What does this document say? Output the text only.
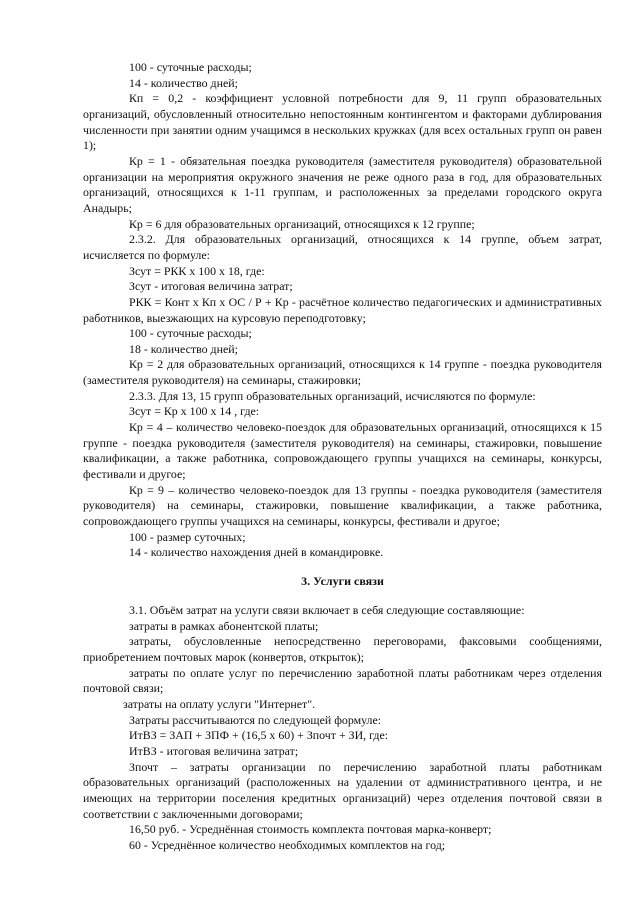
100 - суточные расходы;

14 - количество дней;

Кп = 0,2 - коэффициент условной потребности для 9, 11 групп образовательных организаций, обусловленный относительно непостоянным контингентом и факторами дублирования численности при занятии одним учащимся в нескольких кружках (для всех остальных групп он равен 1);

Кр = 1 - обязательная поездка руководителя (заместителя руководителя) образовательной организации на мероприятия окружного значения не реже одного раза в год, для образовательных организаций, относящихся к 1-11 группам, и расположенных за пределами городского округа Анадырь;

Кр = 6 для образовательных организаций, относящихся к 12 группе;

2.3.2. Для образовательных организаций, относящихся к 14 группе, объем затрат, исчисляется по формуле:

Зсут = РКК х 100 х 18, где:

Зсут - итоговая величина затрат;

РКК = Конт х Кп х ОС / Р + Кр - расчётное количество педагогических и административных работников, выезжающих на курсовую переподготовку;

100 - суточные расходы;

18 - количество дней;

Кр = 2 для образовательных организаций, относящихся к 14 группе - поездка руководителя (заместителя руководителя) на семинары, стажировки;

2.3.3. Для 13, 15 групп образовательных организаций, исчисляются по формуле:

Зсут = Кр х 100 х 14 , где:

Кр = 4 – количество человеко-поездок для образовательных организаций, относящихся к 15 группе - поездка руководителя (заместителя руководителя) на семинары, стажировки, повышение квалификации, а также работника, сопровождающего группы учащихся на семинары, конкурсы, фестивали и другое;

Кр = 9 – количество человеко-поездок для 13 группы - поездка руководителя (заместителя руководителя) на семинары, стажировки, повышение квалификации, а также работника, сопровождающего группы учащихся на семинары, конкурсы, фестивали и другое;

100 - размер суточных;

14 - количество нахождения дней в командировке.

3. Услуги связи

3.1. Объём затрат на услуги связи включает в себя следующие составляющие:

затраты в рамках абонентской платы;

затраты, обусловленные непосредственно переговорами, факсовыми сообщениями, приобретением почтовых марок (конвертов, открыток);

затраты по оплате услуг по перечислению заработной платы работникам через отделения почтовой связи;

затраты на оплату услуги "Интернет".

Затраты рассчитываются по следующей формуле:

ИтВЗ = ЗАП + ЗПФ + (16,5 х 60) + Зпочт + ЗИ, где:

ИтВЗ - итоговая величина затрат;

Зпочт – затраты организации по перечислению заработной платы работникам образовательных организаций (расположенных на удалении от административного центра, и не имеющих на территории поселения кредитных организаций) через отделения почтовой связи в соответствии с заключенными договорами;

16,50 руб. - Усреднённая стоимость комплекта почтовая марка-конверт;

60 - Усреднённое количество необходимых комплектов на год;
